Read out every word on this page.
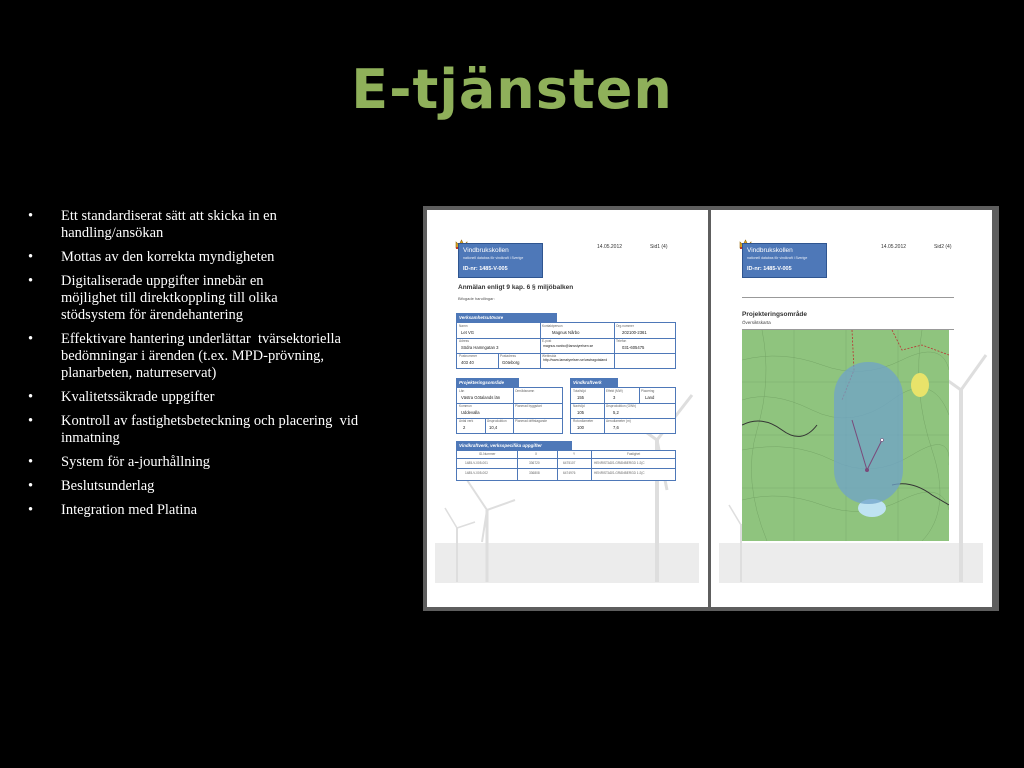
E-tjänsten
• Ett standardiserat sätt att skicka in en
handling/ansökan
• Mottas av den korrekta myndigheten
• Digitaliserade uppgifter innebär en
möjlighet till direktkoppling till olika
stödsystem för ärendehantering
• Effektivare hantering underlättar  tvärsektoriella
bedömningar i ärenden (t.ex. MPD-prövning,
planarbeten, naturreservat)
• Kvalitetssäkrade uppgifter
• Kontroll av fastighetsbeteckning och placering  vid
inmatning
• System för a-jourhållning
• Beslutsunderlag
• Integration med Platina
Vindbrukskollen
nationell databas för vindkraft i Sverige
ID-nr: 1485-V-005
14.05.2012	Sid1 (4)
Anmälan enligt 9 kap. 6 § miljöbalken
Bifogade handlingar:
Verksamhetsutövare
Namn	Kontaktperson	Org.nummer
Let VG	Magnus Nårbo	202100-2361
Adress	E-post	Telefon
Södra Hamngatan 3	magnus.nanbo@lansstyrelsen.se	031-605475
Postnummer	Postadress	Webbsida
403 40	Göteborg	http://www.lansstyrelsen.se/vastragotaland
Projekteringsområde
Län	Områdsnamn
Västra Götalands län
Kommun	Planerad byggstart
Uddevalla
Antal verk	Årsproduktion	Planerad driftstagande
2	10,4
Vindkraftverk
Totalhöjd	Effekt (MW)	Placering
155	3	Land
Navhöjd	Årsproduktion (GWh)
105	5,2
Rotordiameter	Aerodiameter (m)
100	7,6
Vindkraftverk, verksspecifika uppgifter
ID-Nummer	X	Y	Fastighet
1485-V-005-001	336720	6475107	HENRISTADS-GRÄNBERGD 1:2(C
1485-V-005-002	336808	6474976	HENRISTADS-GRÄNBERGD 1:2(C
Vindbrukskollen
nationell databas för vindkraft i Sverige
ID-nr: 1485-V-005
14.05.2012	Sid2 (4)
Projekteringsområde
Översiktskarta
